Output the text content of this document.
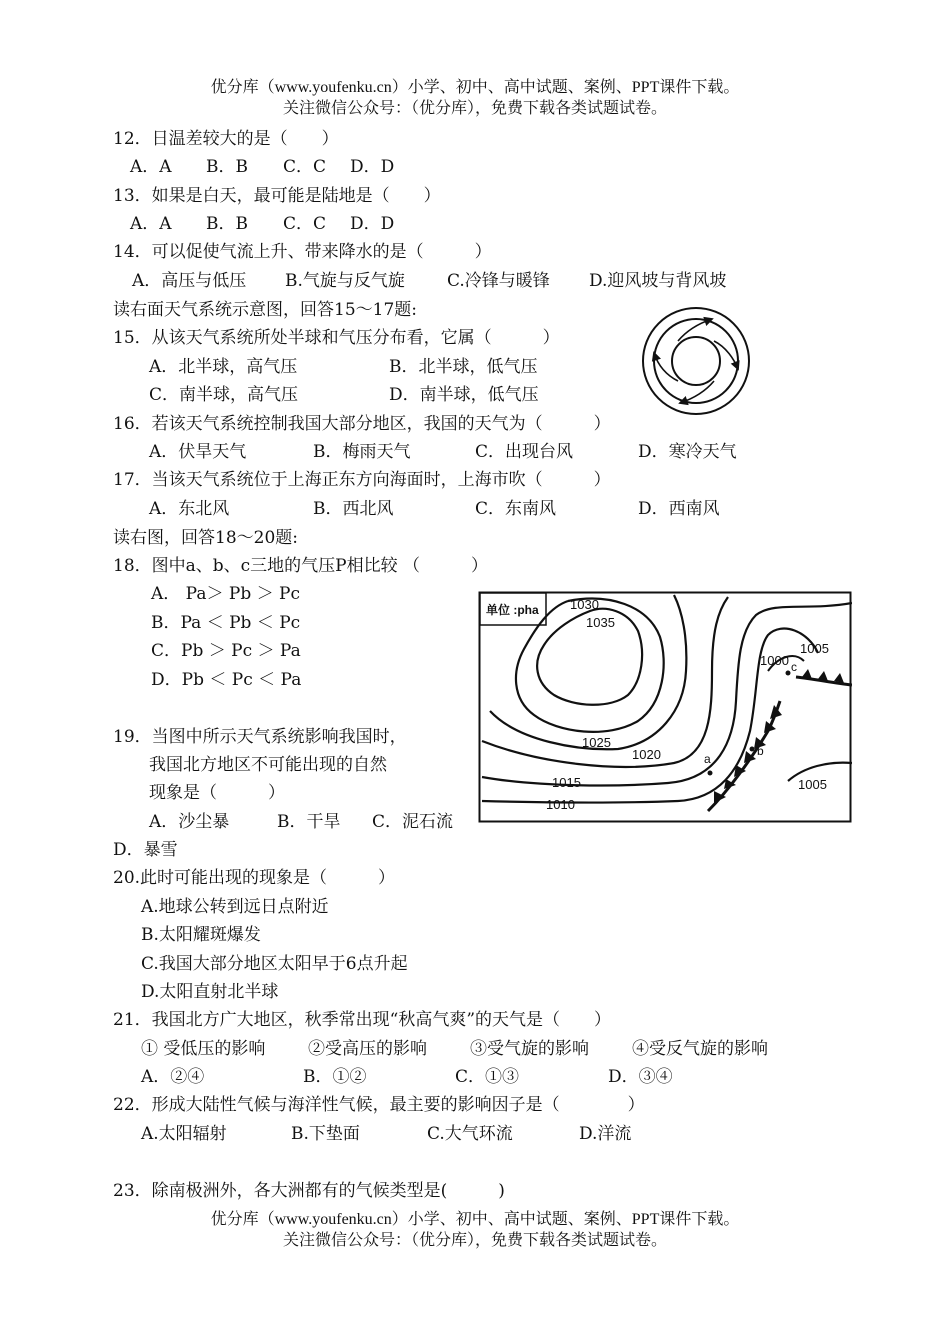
优分库（www.youfenku.cn）小学、初中、高中试题、案例、PPT课件下载。
关注微信公众号：（优分库），免费下载各类试题试卷。
12．日温差较大的是（　　）
A．A B．B C．C D．D
13．如果是白天，最可能是陆地是（　　）
A．A B．B C．C D．D
14．可以促使气流上升、带来降水的是（　　　）
A．高压与低压 B.气旋与反气旋 C.冷锋与暖锋 D.迎风坡与背风坡
读右面天气系统示意图，回答15～17题:
15．从该天气系统所处半球和气压分布看，它属（　　　）
A．北半球，高气压	B．北半球，低气压
C．南半球，高气压	D．南半球，低气压
16．若该天气系统控制我国大部分地区，我国的天气为（　　　）
A．伏旱天气	B．梅雨天气	C．出现台风	D．寒冷天气
17．当该天气系统位于上海正东方向海面时，上海市吹（　　　）
A．东北风	B．西北风	C．东南风	D．西南风
读右图，回答18～20题:
18．图中a、b、c三地的气压P相比较 （　　　）
A． Pa＞ Pb ＞ Pc
B．Pa ＜ Pb ＜ Pc
C．Pb ＞ Pc ＞ Pa
D．Pb ＜ Pc ＜ Pa
单位 :pha 1030
1035
1025
1020
1015
1010
1005
1000
1005
a
b
c
19．当图中所示天气系统影响我国时，
我国北方地区不可能出现的自然
现象是（　　　）
A．沙尘暴	B．干旱 C．泥石流
D．暴雪
20.此时可能出现的现象是（　　　）
A.地球公转到远日点附近
B.太阳耀斑爆发
C.我国大部分地区太阳早于6点升起
D.太阳直射北半球
21．我国北方广大地区，秋季常出现“秋高气爽”的天气是（　　）
① 受低压的影响	②受高压的影响	③受气旋的影响	④受反气旋的影响
A．②④	B．①②	C．①③	D．③④
22．形成大陆性气候与海洋性气候，最主要的影响因子是（　　　　）
A.太阳辐射	B.下垫面	C.大气环流	D.洋流
23．除南极洲外，各大洲都有的气候类型是(　　　)
优分库（www.youfenku.cn）小学、初中、高中试题、案例、PPT课件下载。
关注微信公众号：（优分库），免费下载各类试题试卷。
